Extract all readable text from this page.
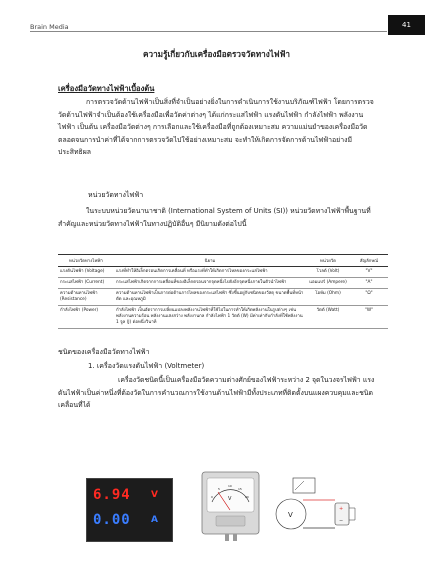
Brain Media	41
ความรู้เกี่ยวกับเครื่องมือตรวจวัดทางไฟฟ้า
เครื่องมือวัดทางไฟฟ้าเบื้องต้น
การตรวจวัดด้านไฟฟ้าเป็นสิ่งที่จำเป็นอย่างยิ่งในการดำเนินการใช้งานบริภัณฑ์ไฟฟ้า โดยการตรวจวัดด้านไฟฟ้าจำเป็นต้องใช้เครื่องมือเพื่อวัดค่าต่างๆ ได้แก่กระแสไฟฟ้า แรงดันไฟฟ้า กำลังไฟฟ้า พลังงานไฟฟ้า เป็นต้น เครื่องมือวัดต่างๆ การเลือกและใช้เครื่องมือที่ถูกต้องเหมาะสม ความแม่นยำของเครื่องมือวัด ตลอดจนการนำค่าที่ได้จากการตรวจวัดไปใช้อย่างเหมาะสม จะทำให้เกิดการจัดการด้านไฟฟ้าอย่างมีประสิทธิผล
หน่วยวัดทางไฟฟ้า
ในระบบหน่วยวัดนานาชาติ (International System of Units (SI)) หน่วยวัดทางไฟฟ้าพื้นฐานที่สำคัญและหน่วยวัดทางไฟฟ้าในทางปฏิบัติอื่นๆ มีนิยามดังต่อไปนี้
หน่วยวัดทางไฟฟ้า	นิยาม	หน่วยวัด	สัญลักษณ์
แรงดันไฟฟ้า (Voltage)	แรงที่ทำให้อิเล็กตรอนเกิดการเคลื่อนที่ หรือแรงที่ทำให้เกิดการไหลของกระแสไฟฟ้า	โวลต์ (Volt)	"V"
กระแสไฟฟ้า (Current)	กระแสไฟฟ้าเกิดจากการเคลื่อนที่ของอิเล็กตรอนจากจุดหนึ่งไปยังอีกจุดหนึ่งภายในตัวนำไฟฟ้า	แอมแปร์ (Ampere)	"A"
ความต้านทานไฟฟ้า (Resistance)	ความต้านทานไฟฟ้าเป็นการต่อต้านการไหลของกระแสไฟฟ้า ซึ่งขึ้นอยู่กับชนิดของวัสดุ ขนาดพื้นที่หน้าตัด และอุณหภูมิ	โอห์ม (Ohm)	"Ω"
กำลังไฟฟ้า (Power)	กำลังไฟฟ้า เป็นอัตราการเปลี่ยนแปลงพลังงานไฟฟ้าที่ใช้ไปในการทำให้เกิดพลังงานในรูปต่างๆ เช่น พลังงานความร้อน พลังงานแสงสว่าง พลังงานกล กำลังไฟฟ้า 1 วัตต์ (W) มีค่าเท่ากับกำลังที่ใช้พลังงาน 1 จูล (J) ต่อหนึ่งวินาที	วัตต์ (Watt)	"W"
ชนิดของเครื่องมือวัดทางไฟฟ้า
1. เครื่องวัดแรงดันไฟฟ้า (Voltmeter)
เครื่องวัดชนิดนี้เป็นเครื่องมือวัดความต่างศักย์ของไฟฟ้าระหว่าง 2 จุดในวงจรไฟฟ้า แรงดันไฟฟ้าเป็นค่าหนึ่งที่ต้องวัดในการคำนวณการใช้งานด้านไฟฟ้ามีทั้งประเภทที่ติดตั้งบนแผงควบคุมและชนิดเคลื่อนที่ได้
6.94	V
0.00	A
0
5
10
15
20
V
V
+
−
